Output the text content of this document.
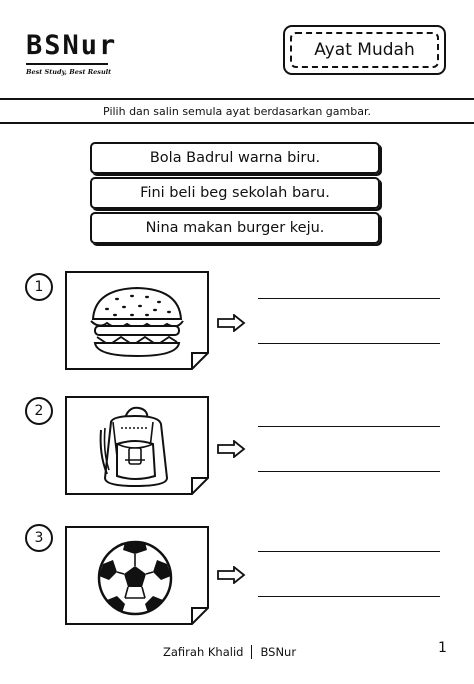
BSNur
Best Study, Best Result
Ayat Mudah
Pilih dan salin semula ayat berdasarkan gambar.
Bola Badrul warna biru.
Fini beli beg sekolah baru.
Nina makan burger keju.
1
2
3
Zafirah Khalid BSNur	1
